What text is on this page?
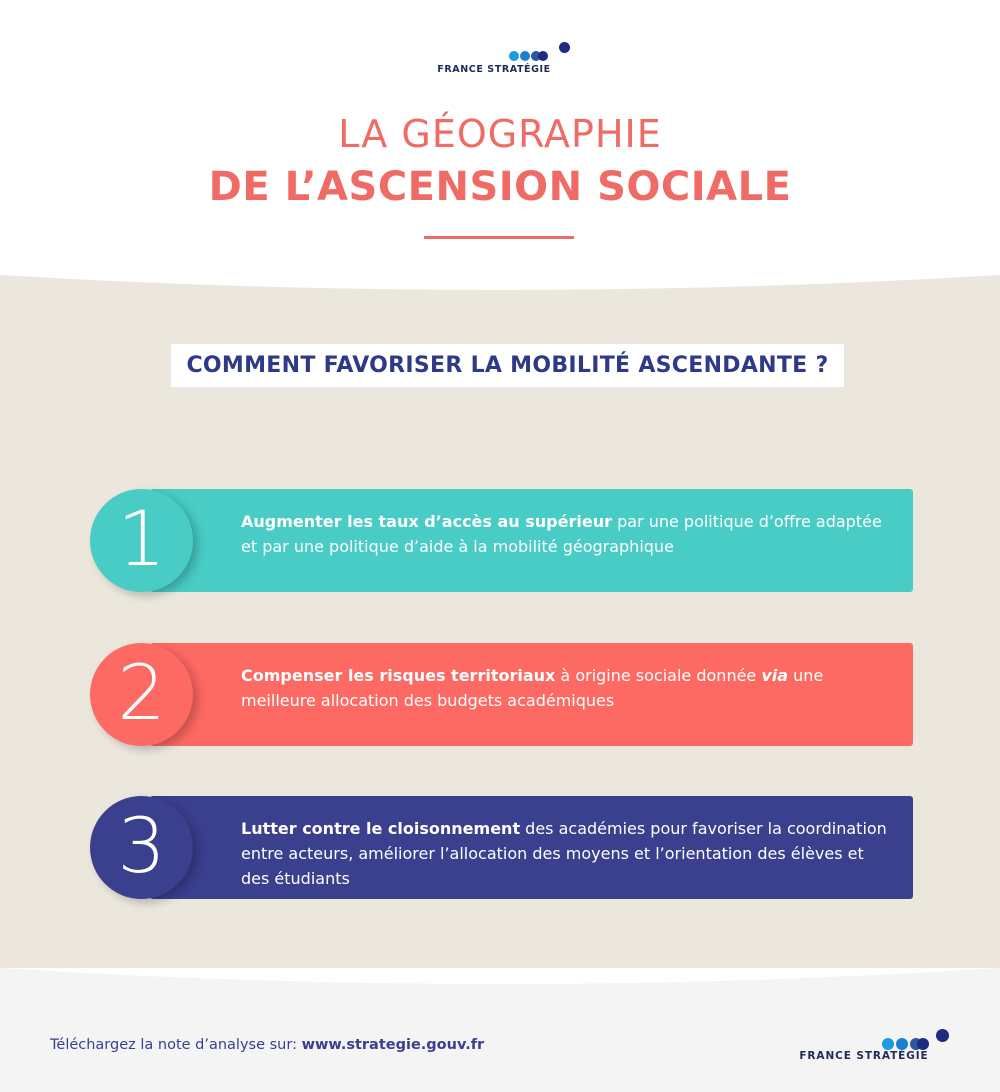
FRANCE STRATÉGIE
LA GÉOGRAPHIE
DE L’ASCENSION SOCIALE
COMMENT FAVORISER LA MOBILITÉ ASCENDANTE ?
1	Augmenter les taux d’accès au supérieur par une politique d’offre adaptée et par une politique d’aide à la mobilité géographique
2	Compenser les risques territoriaux à origine sociale donnée via une meilleure allocation des budgets académiques
3	Lutter contre le cloisonnement des académies pour favoriser la coordination entre acteurs, améliorer l’allocation des moyens et l’orientation des élèves et des étudiants
Téléchargez la note d’analyse sur: www.strategie.gouv.fr
FRANCE STRATÉGIE
